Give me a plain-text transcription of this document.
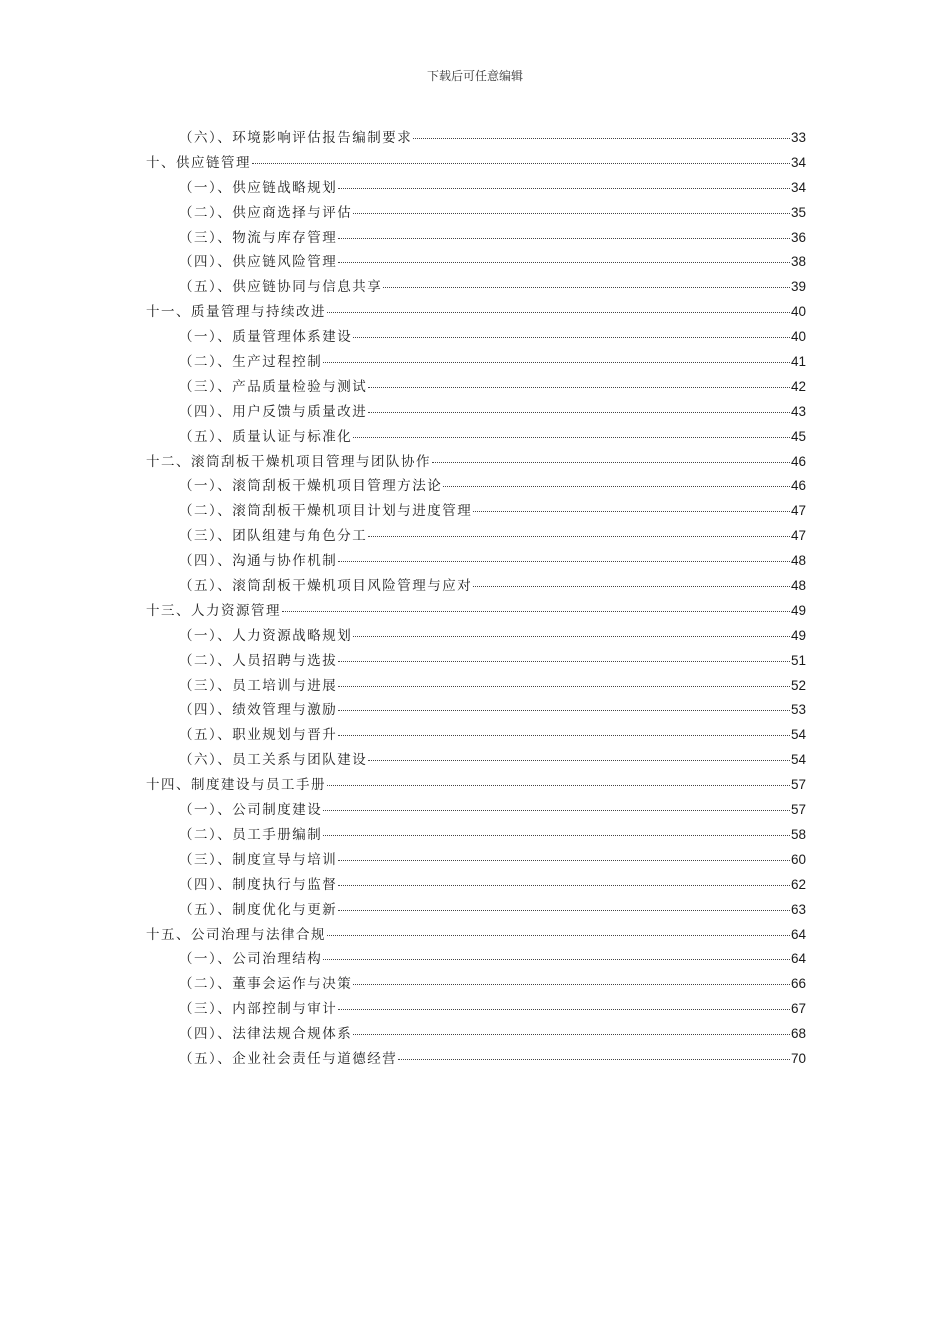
下载后可任意编辑
（六）、环境影响评估报告编制要求	33
十、供应链管理	34
（一）、供应链战略规划	34
（二）、供应商选择与评估	35
（三）、物流与库存管理	36
（四）、供应链风险管理	38
（五）、供应链协同与信息共享	39
十一、质量管理与持续改进	40
（一）、质量管理体系建设	40
（二）、生产过程控制	41
（三）、产品质量检验与测试	42
（四）、用户反馈与质量改进	43
（五）、质量认证与标准化	45
十二、滚筒刮板干燥机项目管理与团队协作	46
（一）、滚筒刮板干燥机项目管理方法论	46
（二）、滚筒刮板干燥机项目计划与进度管理	47
（三）、团队组建与角色分工	47
（四）、沟通与协作机制	48
（五）、滚筒刮板干燥机项目风险管理与应对	48
十三、人力资源管理	49
（一）、人力资源战略规划	49
（二）、人员招聘与选拔	51
（三）、员工培训与进展	52
（四）、绩效管理与激励	53
（五）、职业规划与晋升	54
（六）、员工关系与团队建设	54
十四、制度建设与员工手册	57
（一）、公司制度建设	57
（二）、员工手册编制	58
（三）、制度宣导与培训	60
（四）、制度执行与监督	62
（五）、制度优化与更新	63
十五、公司治理与法律合规	64
（一）、公司治理结构	64
（二）、董事会运作与决策	66
（三）、内部控制与审计	67
（四）、法律法规合规体系	68
（五）、企业社会责任与道德经营	70
